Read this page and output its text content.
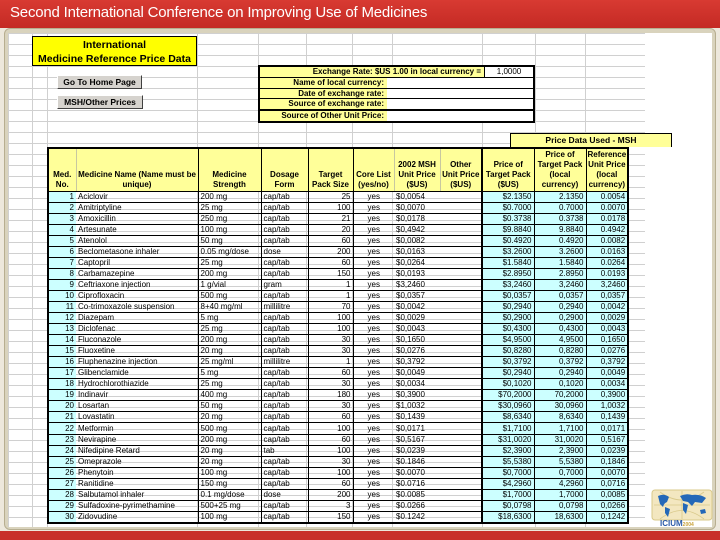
Second International Conference on Improving Use of Medicines
International
Medicine Reference Price Data
Go To Home Page
MSH/Other Prices
Exchange Rate: $US 1.00 in local currency =	1,0000
Name of local currency:
Date of exchange rate:
Source of exchange rate:
Source of Other Unit Price:
Price Data Used - MSH
Med. No.	Medicine Name (Name must be unique)	Medicine Strength	Dosage Form	Target Pack Size	Core List (yes/no)	2002 MSH Unit Price ($US)	Other Unit Price ($US)	Price of Target Pack ($US)	Price of Target Pack (local currency)	Reference Unit Price (local currency)
1	Aciclovir	200 mg	cap/tab	25	yes	$0,0054		$2.1350	2.1350	0.0054
2	Amitriptyline	25 mg	cap/tab	100	yes	$0,0070		$0.7000	0.7000	0.0070
3	Amoxicillin	250 mg	cap/tab	21	yes	$0,0178		$0.3738	0.3738	0.0178
4	Artesunate	100 mg	cap/tab	20	yes	$0,4942		$9.8840	9.8840	0.4942
5	Atenolol	50 mg	cap/tab	60	yes	$0,0082		$0.4920	0.4920	0.0082
6	Beclometasone inhaler	0.05 mg/dose	dose	200	yes	$0,0163		$3.2600	3.2600	0.0163
7	Captopril	25 mg	cap/tab	60	yes	$0,0264		$1.5840	1.5840	0.0264
8	Carbamazepine	200 mg	cap/tab	150	yes	$0,0193		$2.8950	2.8950	0.0193
9	Ceftriaxone injection	1 g/vial	gram	1	yes	$3,2460		$3,2460	3,2460	3,2460
10	Ciprofloxacin	500 mg	cap/tab	1	yes	$0,0357		$0,0357	0,0357	0,0357
11	Co-trimoxazole suspension	8+40 mg/ml	millilitre	70	yes	$0,0042		$0,2940	0,2940	0,0042
12	Diazepam	5 mg	cap/tab	100	yes	$0,0029		$0,2900	0,2900	0,0029
13	Diclofenac	25 mg	cap/tab	100	yes	$0,0043		$0,4300	0,4300	0,0043
14	Fluconazole	200 mg	cap/tab	30	yes	$0,1650		$4,9500	4,9500	0,1650
15	Fluoxetine	20 mg	cap/tab	30	yes	$0,0276		$0,8280	0,8280	0,0276
16	Fluphenazine injection	25 mg/ml	millilitre	1	yes	$0,3792		$0,3792	0,3792	0,3792
17	Glibenclamide	5 mg	cap/tab	60	yes	$0,0049		$0,2940	0,2940	0,0049
18	Hydrochlorothiazide	25 mg	cap/tab	30	yes	$0,0034		$0,1020	0,1020	0,0034
19	Indinavir	400 mg	cap/tab	180	yes	$0,3900		$70,2000	70,2000	0,3900
20	Losartan	50 mg	cap/tab	30	yes	$1,0032		$30,0960	30,0960	1,0032
21	Lovastatin	20 mg	cap/tab	60	yes	$0,1439		$8,6340	8,6340	0,1439
22	Metformin	500 mg	cap/tab	100	yes	$0,0171		$1,7100	1,7100	0,0171
23	Nevirapine	200 mg	cap/tab	60	yes	$0,5167		$31,0020	31,0020	0,5167
24	Nifedipine Retard	20 mg	tab	100	yes	$0,0239		$2,3900	2,3900	0,0239
25	Omeprazole	20 mg	cap/tab	30	yes	$0.1846		$5,5380	5,5380	0,1846
26	Phenytoin	100 mg	cap/tab	100	yes	$0.0070		$0,7000	0,7000	0,0070
27	Ranitidine	150 mg	cap/tab	60	yes	$0.0716		$4,2960	4,2960	0,0716
28	Salbutamol inhaler	0.1 mg/dose	dose	200	yes	$0.0085		$1,7000	1,7000	0,0085
29	Sulfadoxine-pyrimethamine	500+25 mg	cap/tab	3	yes	$0.0266		$0,0798	0,0798	0,0266
30	Zidovudine	100 mg	cap/tab	150	yes	$0.1242		$18,6300	18,6300	0,1242
ICIUM2004
